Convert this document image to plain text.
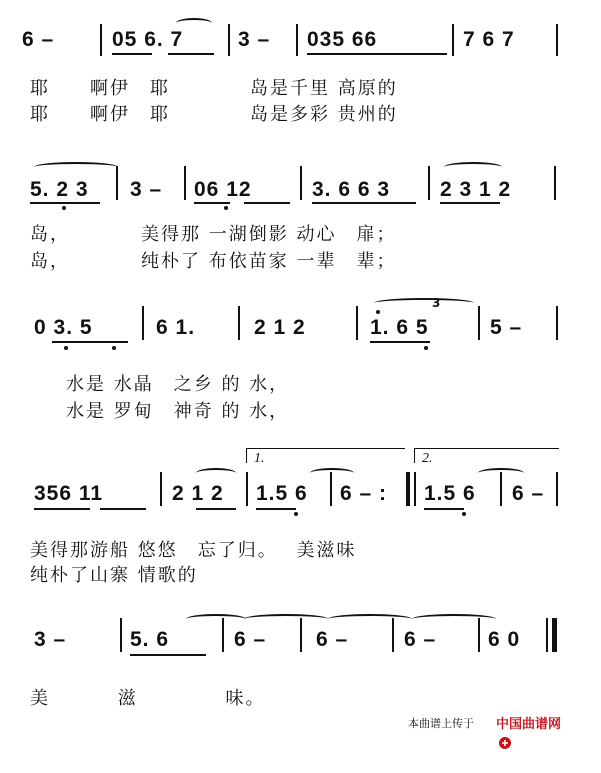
6 –	05 6. 7	3 – 035 66	7 6 7
耶　　啊伊　耶　　　　岛是千里 高原的
耶　　啊伊　耶　　　　岛是多彩 贵州的
5. 2 3 3 – 06 12	3. 6 6 3 2 3 1 2
岛，　　　　美得那 一湖倒影 动心　扉；
岛，　　　　纯朴了 布依苗家 一辈　辈；
0 3. 5	6 1.	2 1 2	1. 6 5
3
5 –
水是 水晶　之乡 的 水，
水是 罗甸　神奇 的 水，
1.	2.
356 11	2 1 2 1.5 6 6 – : 1.5 6 6 –
美得那游船 悠悠　忘了归。　 美滋味
纯朴了山寨 情歌的
3 –	5. 6	6 – 6 –	6 – 6 0
美　　　 滋　　　　 味。
本曲谱上传于

中国曲谱网
